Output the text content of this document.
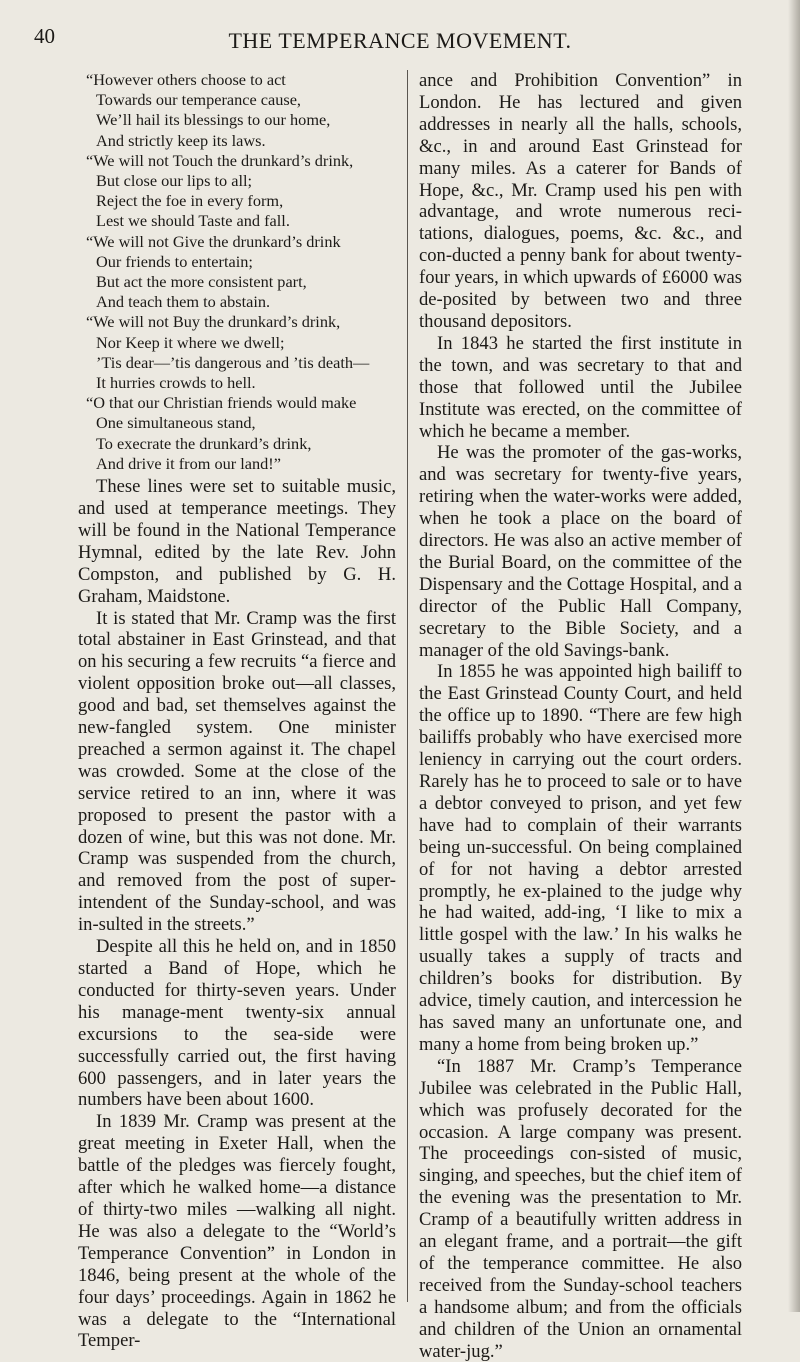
40	THE TEMPERANCE MOVEMENT.
“However others choose to act
Towards our temperance cause,
We’ll hail its blessings to our home,
And strictly keep its laws.
“We will not Touch the drunkard’s drink,
But close our lips to all;
Reject the foe in every form,
Lest we should Taste and fall.
“We will not Give the drunkard’s drink
Our friends to entertain;
But act the more consistent part,
And teach them to abstain.
“We will not Buy the drunkard’s drink,
Nor Keep it where we dwell;
’Tis dear—’tis dangerous and ’tis death—
It hurries crowds to hell.
“O that our Christian friends would make
One simultaneous stand,
To execrate the drunkard’s drink,
And drive it from our land!”

These lines were set to suitable music, and used at temperance meetings. They will be found in the National Temperance Hymnal, edited by the late Rev. John Compston, and published by G. H. Graham, Maidstone.

It is stated that Mr. Cramp was the first total abstainer in East Grinstead, and that on his securing a few recruits “a fierce and violent opposition broke out—all classes, good and bad, set themselves against the new-fangled system. One minister preached a sermon against it. The chapel was crowded. Some at the close of the service retired to an inn, where it was proposed to present the pastor with a dozen of wine, but this was not done. Mr. Cramp was suspended from the church, and removed from the post of super-intendent of the Sunday-school, and was in-sulted in the streets.”

Despite all this he held on, and in 1850 started a Band of Hope, which he conducted for thirty-seven years. Under his manage-ment twenty-six annual excursions to the sea-side were successfully carried out, the first having 600 passengers, and in later years the numbers have been about 1600.

In 1839 Mr. Cramp was present at the great meeting in Exeter Hall, when the battle of the pledges was fiercely fought, after which he walked home—a distance of thirty-two miles —walking all night. He was also a delegate to the “World’s Temperance Convention” in London in 1846, being present at the whole of the four days’ proceedings. Again in 1862 he was a delegate to the “International Temper-

ance and Prohibition Convention” in London. He has lectured and given addresses in nearly all the halls, schools, &c., in and around East Grinstead for many miles. As a caterer for Bands of Hope, &c., Mr. Cramp used his pen with advantage, and wrote numerous reci-tations, dialogues, poems, &c. &c., and con-ducted a penny bank for about twenty-four years, in which upwards of £6000 was de-posited by between two and three thousand depositors.

In 1843 he started the first institute in the town, and was secretary to that and those that followed until the Jubilee Institute was erected, on the committee of which he became a member.

He was the promoter of the gas-works, and was secretary for twenty-five years, retiring when the water-works were added, when he took a place on the board of directors. He was also an active member of the Burial Board, on the committee of the Dispensary and the Cottage Hospital, and a director of the Public Hall Company, secretary to the Bible Society, and a manager of the old Savings-bank.

In 1855 he was appointed high bailiff to the East Grinstead County Court, and held the office up to 1890. “There are few high bailiffs probably who have exercised more leniency in carrying out the court orders. Rarely has he to proceed to sale or to have a debtor conveyed to prison, and yet few have had to complain of their warrants being un-successful. On being complained of for not having a debtor arrested promptly, he ex-plained to the judge why he had waited, add-ing, ‘I like to mix a little gospel with the law.’ In his walks he usually takes a supply of tracts and children’s books for distribution. By advice, timely caution, and intercession he has saved many an unfortunate one, and many a home from being broken up.”

“In 1887 Mr. Cramp’s Temperance Jubilee was celebrated in the Public Hall, which was profusely decorated for the occasion. A large company was present. The proceedings con-sisted of music, singing, and speeches, but the chief item of the evening was the presentation to Mr. Cramp of a beautifully written address in an elegant frame, and a portrait—the gift of the temperance committee. He also received from the Sunday-school teachers a handsome album; and from the officials and children of the Union an ornamental water-jug.”
